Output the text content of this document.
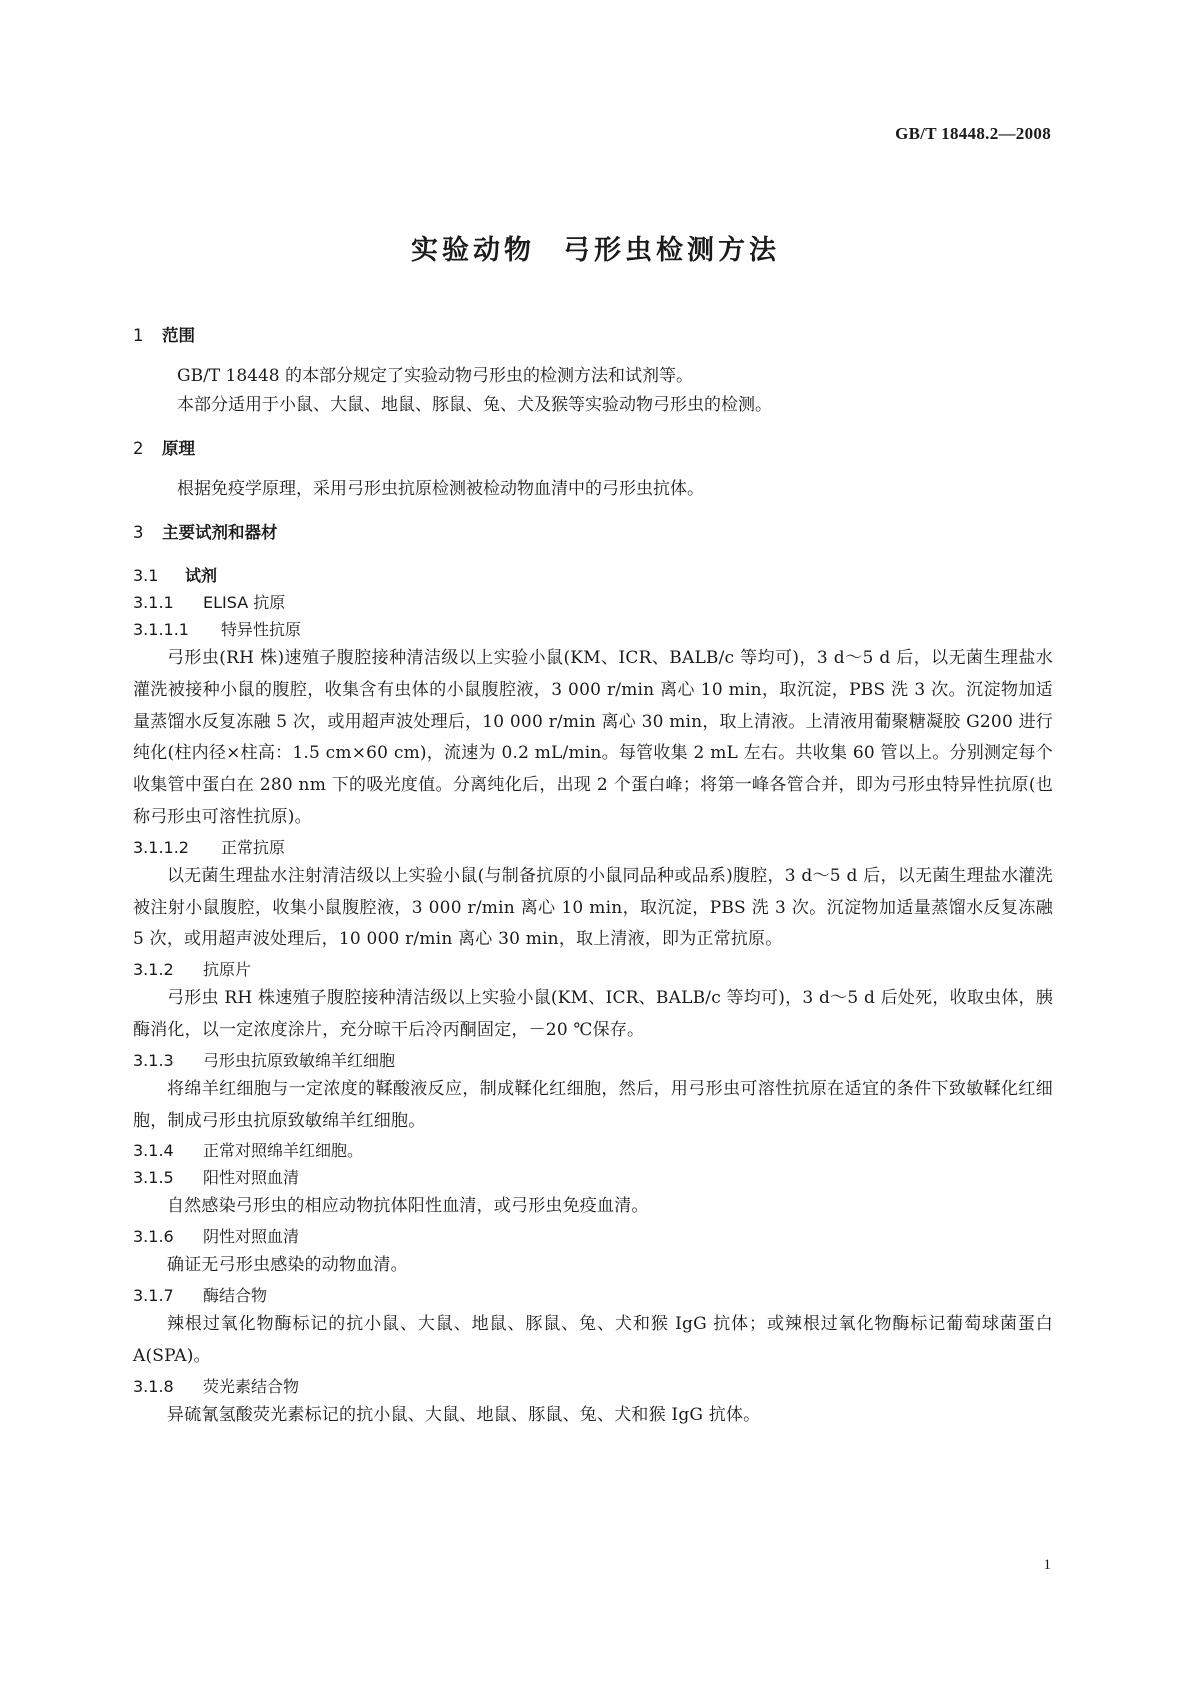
GB/T 18448.2—2008
实验动物 弓形虫检测方法
1 范围
GB/T 18448 的本部分规定了实验动物弓形虫的检测方法和试剂等。
本部分适用于小鼠、大鼠、地鼠、豚鼠、兔、犬及猴等实验动物弓形虫的检测。
2 原理
根据免疫学原理，采用弓形虫抗原检测被检动物血清中的弓形虫抗体。
3 主要试剂和器材
3.1 试剂
3.1.1 ELISA 抗原
3.1.1.1 特异性抗原
弓形虫(RH 株)速殖子腹腔接种清洁级以上实验小鼠(KM、ICR、BALB/c 等均可)，3 d～5 d 后，以无菌生理盐水灌洗被接种小鼠的腹腔，收集含有虫体的小鼠腹腔液，3 000 r/min 离心 10 min，取沉淀，PBS 洗 3 次。沉淀物加适量蒸馏水反复冻融 5 次，或用超声波处理后，10 000 r/min 离心 30 min，取上清液。上清液用葡聚糖凝胶 G200 进行纯化(柱内径×柱高：1.5 cm×60 cm)，流速为 0.2 mL/min。每管收集 2 mL 左右。共收集 60 管以上。分别测定每个收集管中蛋白在 280 nm 下的吸光度值。分离纯化后，出现 2 个蛋白峰；将第一峰各管合并，即为弓形虫特异性抗原(也称弓形虫可溶性抗原)。
3.1.1.2 正常抗原
以无菌生理盐水注射清洁级以上实验小鼠(与制备抗原的小鼠同品种或品系)腹腔，3 d～5 d 后，以无菌生理盐水灌洗被注射小鼠腹腔，收集小鼠腹腔液，3 000 r/min 离心 10 min，取沉淀，PBS 洗 3 次。沉淀物加适量蒸馏水反复冻融 5 次，或用超声波处理后，10 000 r/min 离心 30 min，取上清液，即为正常抗原。
3.1.2 抗原片
弓形虫 RH 株速殖子腹腔接种清洁级以上实验小鼠(KM、ICR、BALB/c 等均可)，3 d～5 d 后处死，收取虫体，胰酶消化，以一定浓度涂片，充分晾干后冷丙酮固定，－20 ℃保存。
3.1.3 弓形虫抗原致敏绵羊红细胞
将绵羊红细胞与一定浓度的鞣酸液反应，制成鞣化红细胞，然后，用弓形虫可溶性抗原在适宜的条件下致敏鞣化红细胞，制成弓形虫抗原致敏绵羊红细胞。
3.1.4 正常对照绵羊红细胞。
3.1.5 阳性对照血清
自然感染弓形虫的相应动物抗体阳性血清，或弓形虫免疫血清。
3.1.6 阴性对照血清
确证无弓形虫感染的动物血清。
3.1.7 酶结合物
辣根过氧化物酶标记的抗小鼠、大鼠、地鼠、豚鼠、兔、犬和猴 IgG 抗体；或辣根过氧化物酶标记葡萄球菌蛋白 A(SPA)。
3.1.8 荧光素结合物
异硫氰氢酸荧光素标记的抗小鼠、大鼠、地鼠、豚鼠、兔、犬和猴 IgG 抗体。
1
